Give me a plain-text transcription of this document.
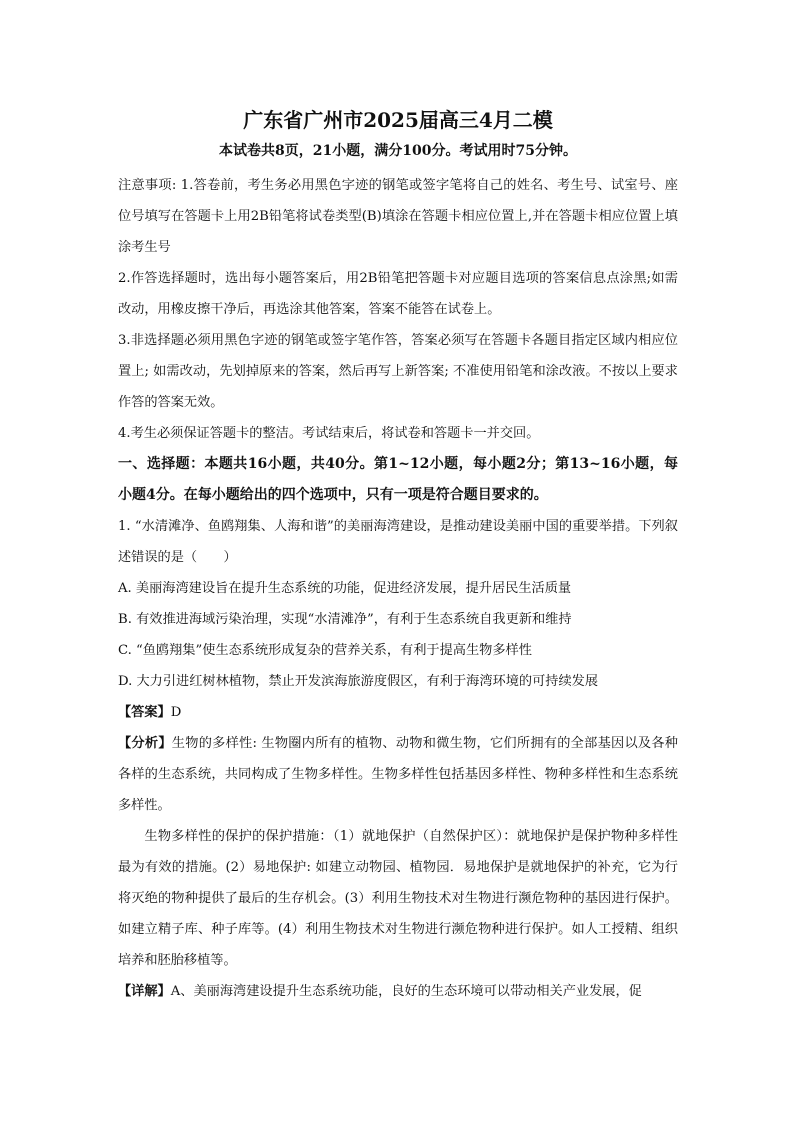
广东省广州市2025届高三4月二模
本试卷共8页，21小题，满分100分。考试用时75分钟。

注意事项: 1.答卷前，考生务必用黑色字迹的钢笔或签字笔将自己的姓名、考生号、试室号、座位号填写在答题卡上用2B铅笔将试卷类型(B)填涂在答题卡相应位置上,并在答题卡相应位置上填涂考生号

2.作答选择题时，选出每小题答案后，用2B铅笔把答题卡对应题目选项的答案信息点涂黑;如需改动，用橡皮擦干净后，再选涂其他答案，答案不能答在试卷上。

3.非选择题必须用黑色字迹的钢笔或签字笔作答，答案必须写在答题卡各题目指定区域内相应位置上; 如需改动，先划掉原来的答案，然后再写上新答案; 不准使用铅笔和涂改液。不按以上要求作答的答案无效。

4.考生必须保证答题卡的整洁。考试结束后，将试卷和答题卡一并交回。

一、选择题：本题共16小题，共40分。第1~12小题，每小题2分；第13~16小题，每小题4分。在每小题给出的四个选项中，只有一项是符合题目要求的。

1. “水清滩净、鱼鸥翔集、人海和谐”的美丽海湾建设，是推动建设美丽中国的重要举措。下列叙述错误的是（　　）

A. 美丽海湾建设旨在提升生态系统的功能，促进经济发展，提升居民生活质量

B. 有效推进海域污染治理，实现“水清滩净”，有利于生态系统自我更新和维持

C. “鱼鸥翔集”使生态系统形成复杂的营养关系，有利于提高生物多样性

D. 大力引进红树林植物，禁止开发滨海旅游度假区，有利于海湾环境的可持续发展

【答案】D

【分析】生物的多样性: 生物圈内所有的植物、动物和微生物，它们所拥有的全部基因以及各种各样的生态系统，共同构成了生物多样性。生物多样性包括基因多样性、物种多样性和生态系统多样性。

生物多样性的保护的保护措施：（1）就地保护（自然保护区）：就地保护是保护物种多样性最为有效的措施。(2）易地保护: 如建立动物园、植物园．易地保护是就地保护的补充，它为行将灭绝的物种提供了最后的生存机会。(3）利用生物技术对生物进行濒危物种的基因进行保护。如建立精子库、种子库等。(4）利用生物技术对生物进行濒危物种进行保护。如人工授精、组织培养和胚胎移植等。

【详解】A、美丽海湾建设提升生态系统功能，良好的生态环境可以带动相关产业发展，促
